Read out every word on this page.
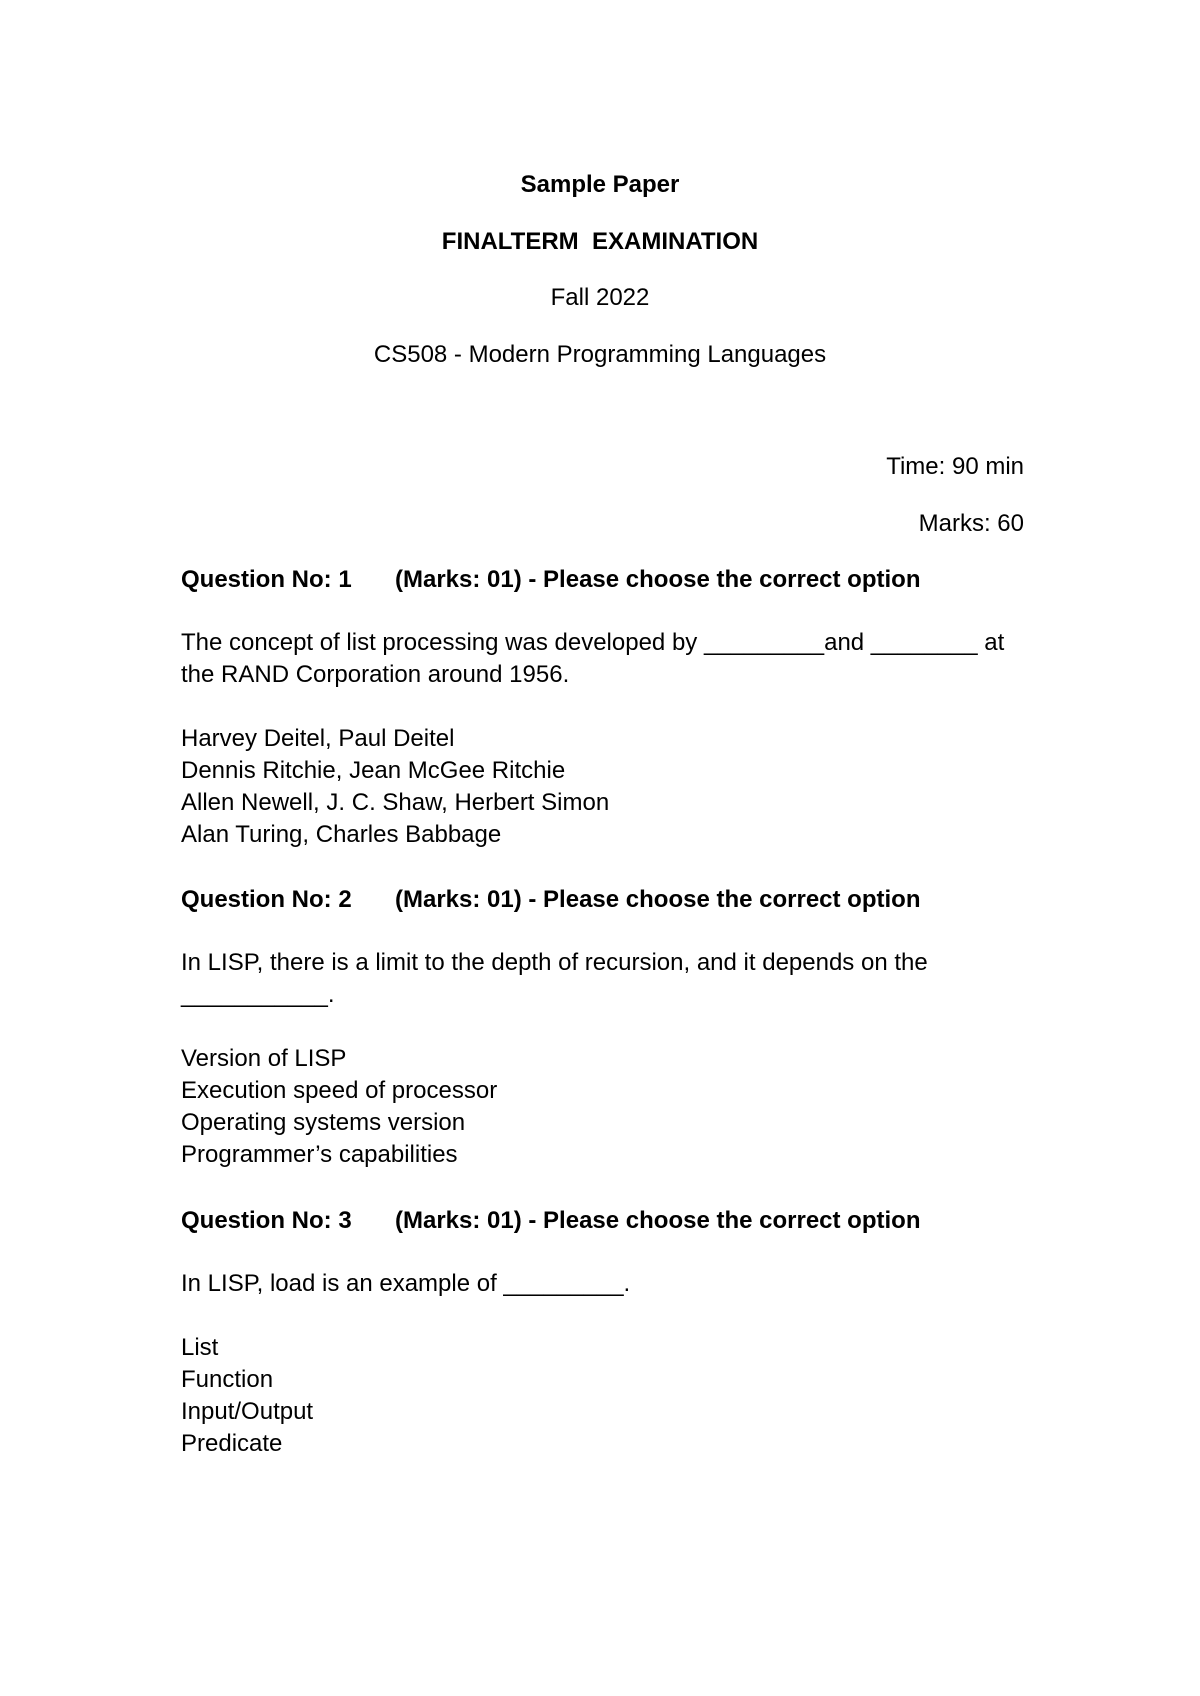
Sample Paper
FINALTERM  EXAMINATION
Fall 2022
CS508 - Modern Programming Languages
Time: 90 min
Marks: 60
Question No: 1 (Marks: 01) - Please choose the correct option

The concept of list processing was developed by _________and ________ at
the RAND Corporation around 1956.

Harvey Deitel, Paul Deitel
Dennis Ritchie, Jean McGee Ritchie
Allen Newell, J. C. Shaw, Herbert Simon
Alan Turing, Charles Babbage
Question No: 2 (Marks: 01) - Please choose the correct option

In LISP, there is a limit to the depth of recursion, and it depends on the
___________.

Version of LISP
Execution speed of processor
Operating systems version
Programmer’s capabilities
Question No: 3 (Marks: 01) - Please choose the correct option

In LISP, load is an example of _________.

List
Function
Input/Output
Predicate
